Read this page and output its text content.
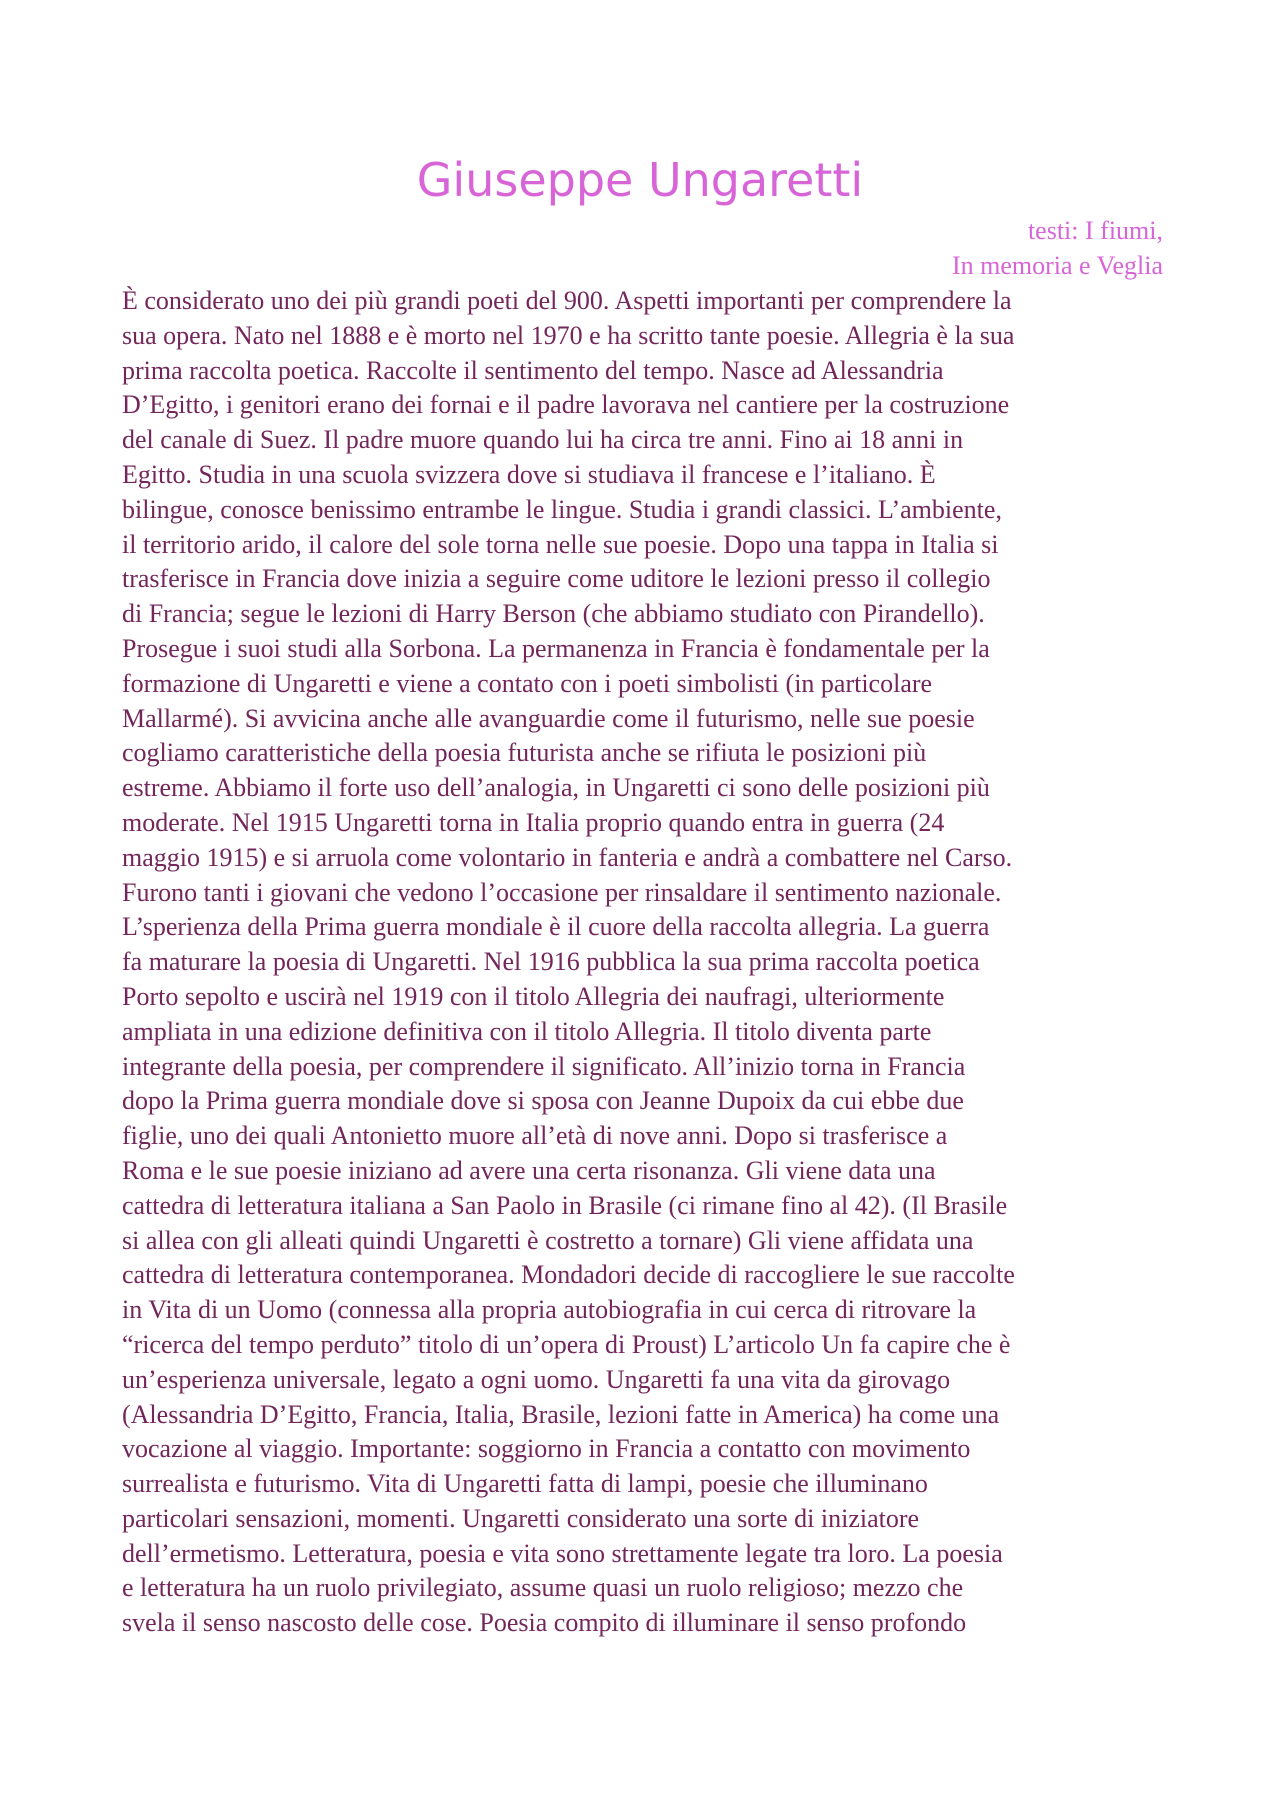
Giuseppe Ungaretti
testi: I fiumi,
In memoria e Veglia
È considerato uno dei più grandi poeti del 900. Aspetti importanti per comprendere la
sua opera. Nato nel 1888 e è morto nel 1970 e ha scritto tante poesie. Allegria è la sua
prima raccolta poetica. Raccolte il sentimento del tempo. Nasce ad Alessandria
D’Egitto, i genitori erano dei fornai e il padre lavorava nel cantiere per la costruzione
del canale di Suez. Il padre muore quando lui ha circa tre anni. Fino ai 18 anni in
Egitto. Studia in una scuola svizzera dove si studiava il francese e l’italiano. È
bilingue, conosce benissimo entrambe le lingue. Studia i grandi classici. L’ambiente,
il territorio arido, il calore del sole torna nelle sue poesie. Dopo una tappa in Italia si
trasferisce in Francia dove inizia a seguire come uditore le lezioni presso il collegio
di Francia; segue le lezioni di Harry Berson (che abbiamo studiato con Pirandello).
Prosegue i suoi studi alla Sorbona. La permanenza in Francia è fondamentale per la
formazione di Ungaretti e viene a contato con i poeti simbolisti (in particolare
Mallarmé). Si avvicina anche alle avanguardie come il futurismo, nelle sue poesie
cogliamo caratteristiche della poesia futurista anche se rifiuta le posizioni più
estreme. Abbiamo il forte uso dell’analogia, in Ungaretti ci sono delle posizioni più
moderate. Nel 1915 Ungaretti torna in Italia proprio quando entra in guerra (24
maggio 1915) e si arruola come volontario in fanteria e andrà a combattere nel Carso.
Furono tanti i giovani che vedono l’occasione per rinsaldare il sentimento nazionale.
L’sperienza della Prima guerra mondiale è il cuore della raccolta allegria. La guerra
fa maturare la poesia di Ungaretti. Nel 1916 pubblica la sua prima raccolta poetica
Porto sepolto e uscirà nel 1919 con il titolo Allegria dei naufragi, ulteriormente
ampliata in una edizione definitiva con il titolo Allegria. Il titolo diventa parte
integrante della poesia, per comprendere il significato. All’inizio torna in Francia
dopo la Prima guerra mondiale dove si sposa con Jeanne Dupoix da cui ebbe due
figlie, uno dei quali Antonietto muore all’età di nove anni. Dopo si trasferisce a
Roma e le sue poesie iniziano ad avere una certa risonanza. Gli viene data una
cattedra di letteratura italiana a San Paolo in Brasile (ci rimane fino al 42). (Il Brasile
si allea con gli alleati quindi Ungaretti è costretto a tornare) Gli viene affidata una
cattedra di letteratura contemporanea. Mondadori decide di raccogliere le sue raccolte
in Vita di un Uomo (connessa alla propria autobiografia in cui cerca di ritrovare la
“ricerca del tempo perduto” titolo di un’opera di Proust) L’articolo Un fa capire che è
un’esperienza universale, legato a ogni uomo. Ungaretti fa una vita da girovago
(Alessandria D’Egitto, Francia, Italia, Brasile, lezioni fatte in America) ha come una
vocazione al viaggio. Importante: soggiorno in Francia a contatto con movimento
surrealista e futurismo. Vita di Ungaretti fatta di lampi, poesie che illuminano
particolari sensazioni, momenti. Ungaretti considerato una sorte di iniziatore
dell’ermetismo. Letteratura, poesia e vita sono strettamente legate tra loro. La poesia
e letteratura ha un ruolo privilegiato, assume quasi un ruolo religioso; mezzo che
svela il senso nascosto delle cose. Poesia compito di illuminare il senso profondo
